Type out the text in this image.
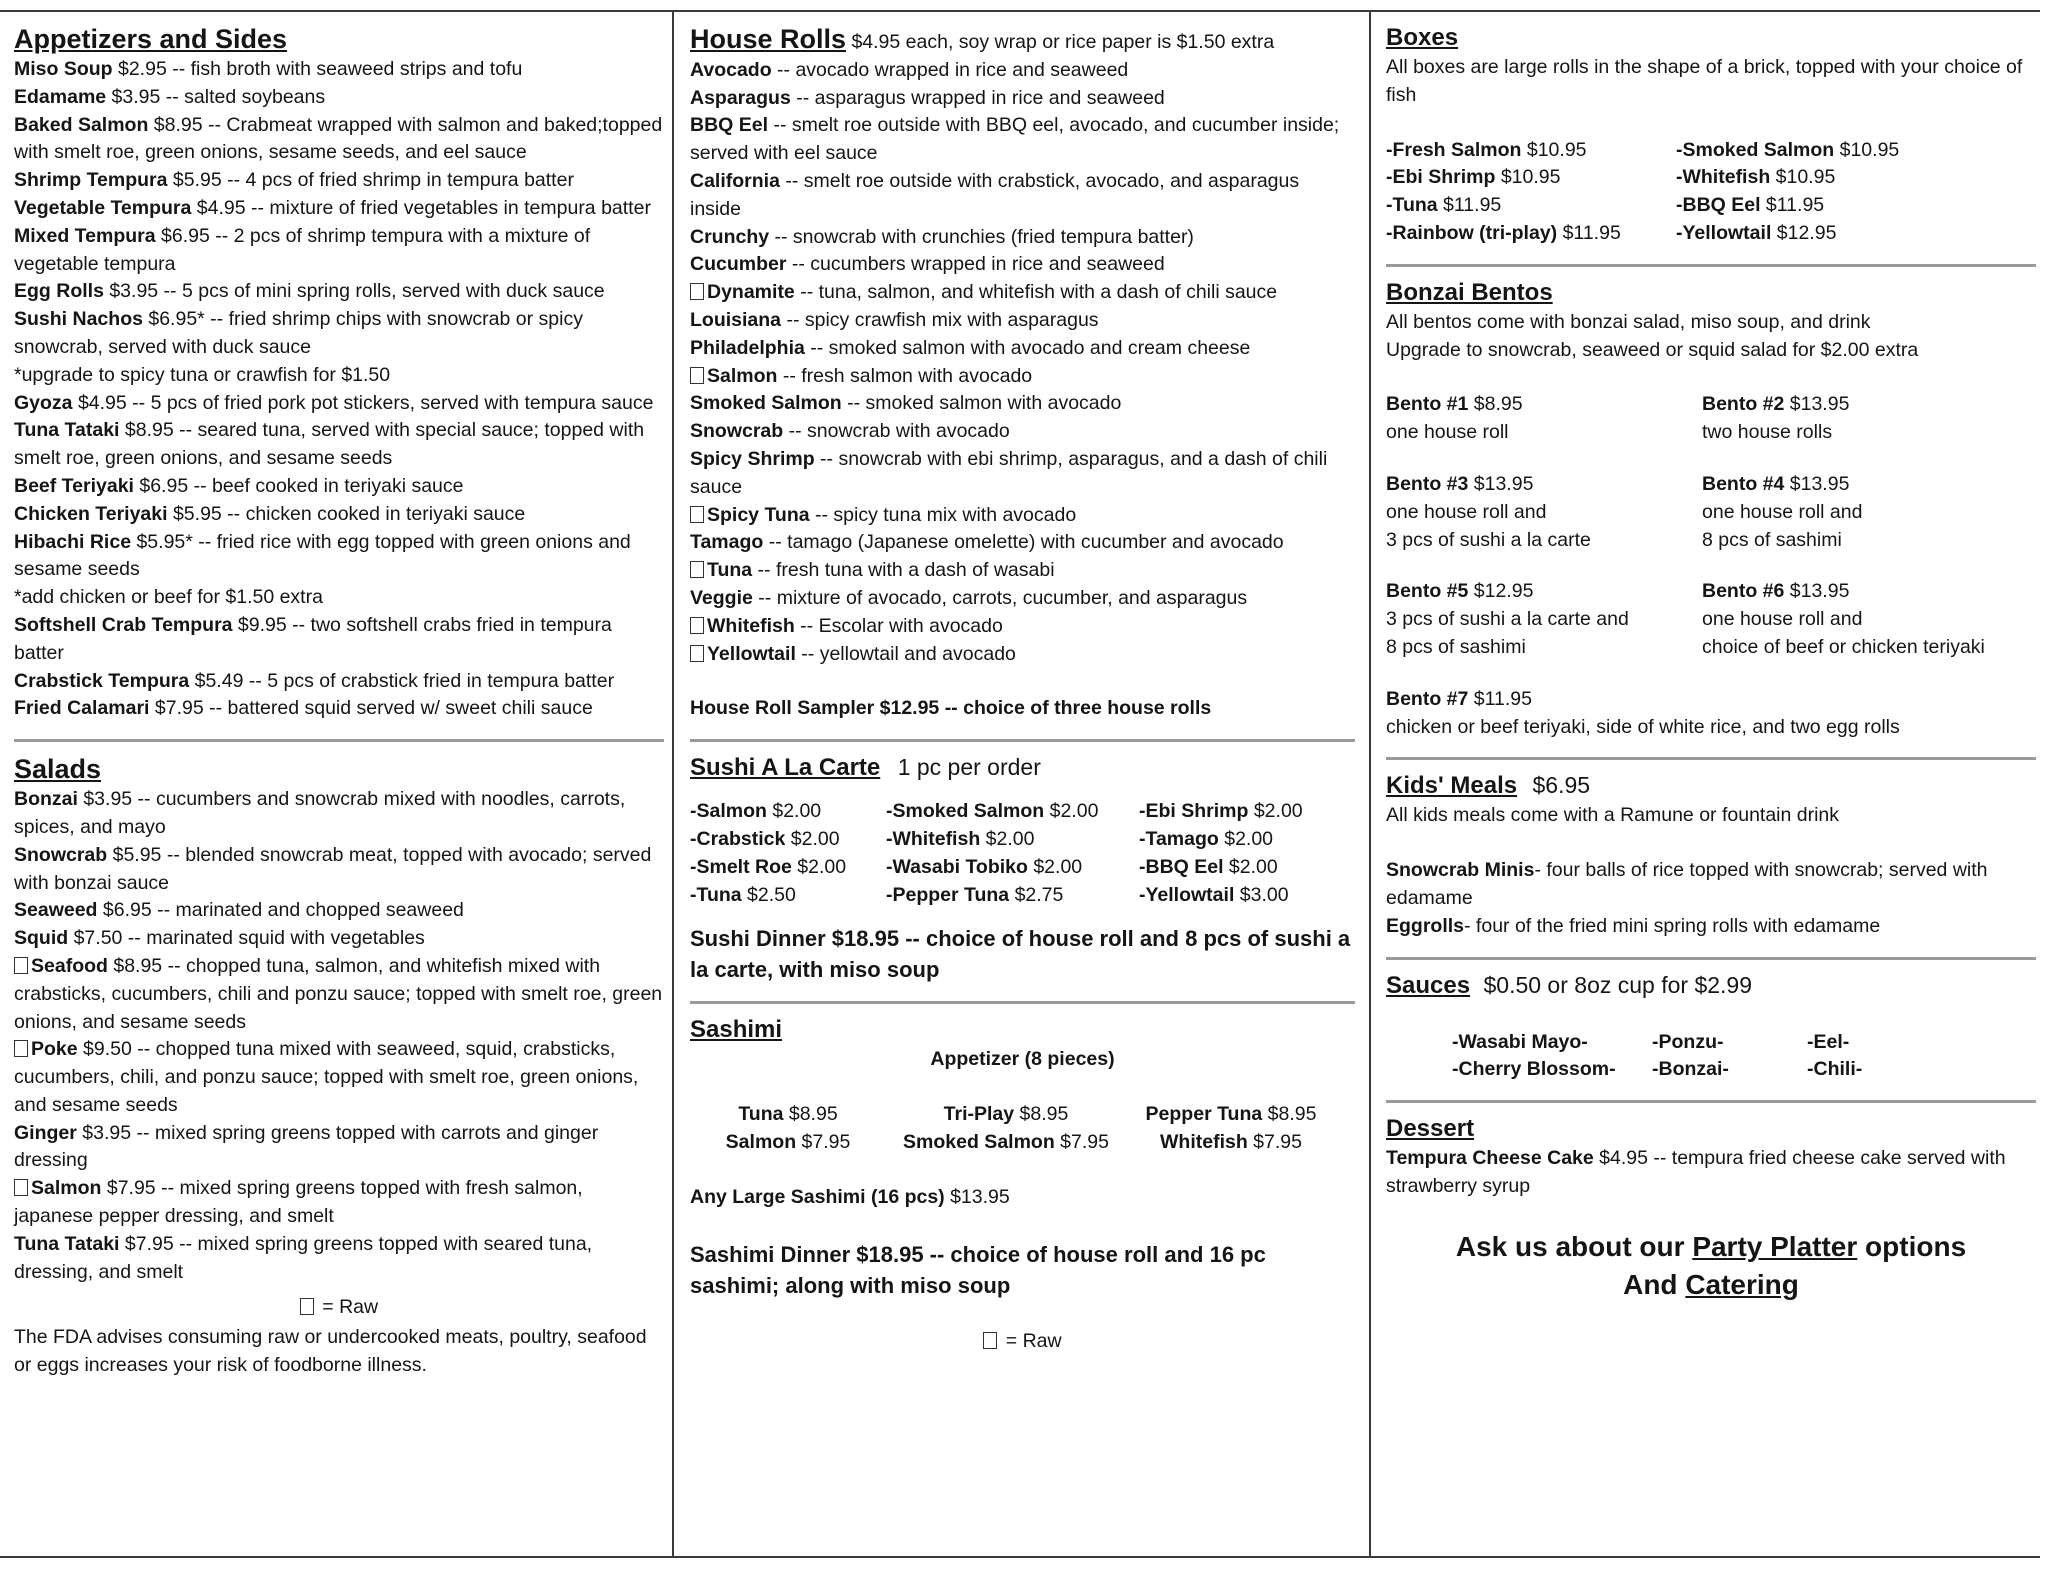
Appetizers and Sides
Miso Soup $2.95 -- fish broth with seaweed strips and tofu
Edamame $3.95 -- salted soybeans
Baked Salmon $8.95 -- Crabmeat wrapped with salmon and baked;topped with smelt roe, green onions, sesame seeds, and eel sauce
Shrimp Tempura $5.95 -- 4 pcs of fried shrimp in tempura batter
Vegetable Tempura $4.95 -- mixture of fried vegetables in tempura batter
Mixed Tempura $6.95 -- 2 pcs of shrimp tempura with a mixture of vegetable tempura
Egg Rolls $3.95 -- 5 pcs of mini spring rolls, served with duck sauce
Sushi Nachos $6.95* -- fried shrimp chips with snowcrab or spicy snowcrab, served with duck sauce
*upgrade to spicy tuna or crawfish for $1.50
Gyoza $4.95 -- 5 pcs of fried pork pot stickers, served with tempura sauce
Tuna Tataki $8.95 -- seared tuna, served with special sauce; topped with smelt roe, green onions, and sesame seeds
Beef Teriyaki $6.95 -- beef cooked in teriyaki sauce
Chicken Teriyaki $5.95 -- chicken cooked in teriyaki sauce
Hibachi Rice $5.95* -- fried rice with egg topped with green onions and sesame seeds
*add chicken or beef for $1.50 extra
Softshell Crab Tempura $9.95 -- two softshell crabs fried in tempura batter
Crabstick Tempura $5.49 -- 5 pcs of crabstick fried in tempura batter
Fried Calamari $7.95 -- battered squid served w/ sweet chili sauce
Salads
Bonzai $3.95 -- cucumbers and snowcrab mixed with noodles, carrots, spices, and mayo
Snowcrab $5.95 -- blended snowcrab meat, topped with avocado; served with bonzai sauce
Seaweed $6.95 -- marinated and chopped seaweed
Squid $7.50 -- marinated squid with vegetables
Seafood $8.95 -- chopped tuna, salmon, and whitefish mixed with crabsticks, cucumbers, chili and ponzu sauce; topped with smelt roe, green onions, and sesame seeds
Poke $9.50 -- chopped tuna mixed with seaweed, squid, crabsticks, cucumbers, chili, and ponzu sauce; topped with smelt roe, green onions, and sesame seeds
Ginger $3.95 -- mixed spring greens topped with carrots and ginger dressing
Salmon $7.95 -- mixed spring greens topped with fresh salmon, japanese pepper dressing, and smelt
Tuna Tataki $7.95 -- mixed spring greens topped with seared tuna, dressing, and smelt
= Raw
The FDA advises consuming raw or undercooked meats, poultry, seafood or eggs increases your risk of foodborne illness.
House Rolls $4.95 each, soy wrap or rice paper is $1.50 extra
Avocado -- avocado wrapped in rice and seaweed
Asparagus -- asparagus wrapped in rice and seaweed
BBQ Eel -- smelt roe outside with BBQ eel, avocado, and cucumber inside; served with eel sauce
California -- smelt roe outside with crabstick, avocado, and asparagus inside
Crunchy -- snowcrab with crunchies (fried tempura batter)
Cucumber -- cucumbers wrapped in rice and seaweed
Dynamite -- tuna, salmon, and whitefish with a dash of chili sauce
Louisiana -- spicy crawfish mix with asparagus
Philadelphia -- smoked salmon with avocado and cream cheese
Salmon -- fresh salmon with avocado
Smoked Salmon -- smoked salmon with avocado
Snowcrab -- snowcrab with avocado
Spicy Shrimp -- snowcrab with ebi shrimp, asparagus, and a dash of chili sauce
Spicy Tuna -- spicy tuna mix with avocado
Tamago -- tamago (Japanese omelette) with cucumber and avocado
Tuna -- fresh tuna with a dash of wasabi
Veggie -- mixture of avocado, carrots, cucumber, and asparagus
Whitefish -- Escolar with avocado
Yellowtail -- yellowtail and avocado
House Roll Sampler $12.95 -- choice of three house rolls
Sushi A La Carte 1 pc per order
-Salmon $2.00	-Smoked Salmon $2.00	-Ebi Shrimp $2.00
-Crabstick $2.00	-Whitefish $2.00	-Tamago $2.00
-Smelt Roe $2.00	-Wasabi Tobiko $2.00	-BBQ Eel $2.00
-Tuna $2.50	-Pepper Tuna $2.75	-Yellowtail $3.00
Sushi Dinner $18.95 -- choice of house roll and 8 pcs of sushi a la carte, with miso soup
Sashimi
Appetizer (8 pieces)
Tuna $8.95	Tri-Play $8.95	Pepper Tuna $8.95
Salmon $7.95	Smoked Salmon $7.95	Whitefish $7.95
Any Large Sashimi (16 pcs) $13.95
Sashimi Dinner $18.95 -- choice of house roll and 16 pc sashimi; along with miso soup
= Raw
Boxes
All boxes are large rolls in the shape of a brick, topped with your choice of fish
-Fresh Salmon $10.95	-Smoked Salmon $10.95
-Ebi Shrimp $10.95	-Whitefish $10.95
-Tuna $11.95	-BBQ Eel $11.95
-Rainbow (tri-play) $11.95	-Yellowtail $12.95
Bonzai Bentos
All bentos come with bonzai salad, miso soup, and drink
Upgrade to snowcrab, seaweed or squid salad for $2.00 extra
Bento #1 $8.95
one house roll
Bento #2 $13.95
two house rolls
Bento #3 $13.95
one house roll and
3 pcs of sushi a la carte
Bento #4 $13.95
one house roll and
8 pcs of sashimi
Bento #5 $12.95
3 pcs of sushi a la carte and
8 pcs of sashimi
Bento #6 $13.95
one house roll and
choice of beef or chicken teriyaki
Bento #7 $11.95
chicken or beef teriyaki, side of white rice, and two egg rolls
Kids' Meals $6.95
All kids meals come with a Ramune or fountain drink
Snowcrab Minis- four balls of rice topped with snowcrab; served with edamame
Eggrolls- four of the fried mini spring rolls with edamame
Sauces $0.50 or 8oz cup for $2.99
-Wasabi Mayo-	-Ponzu-	-Eel-
-Cherry Blossom-	-Bonzai-	-Chili-
Dessert
Tempura Cheese Cake $4.95 -- tempura fried cheese cake served with strawberry syrup
Ask us about our Party Platter options
And Catering
